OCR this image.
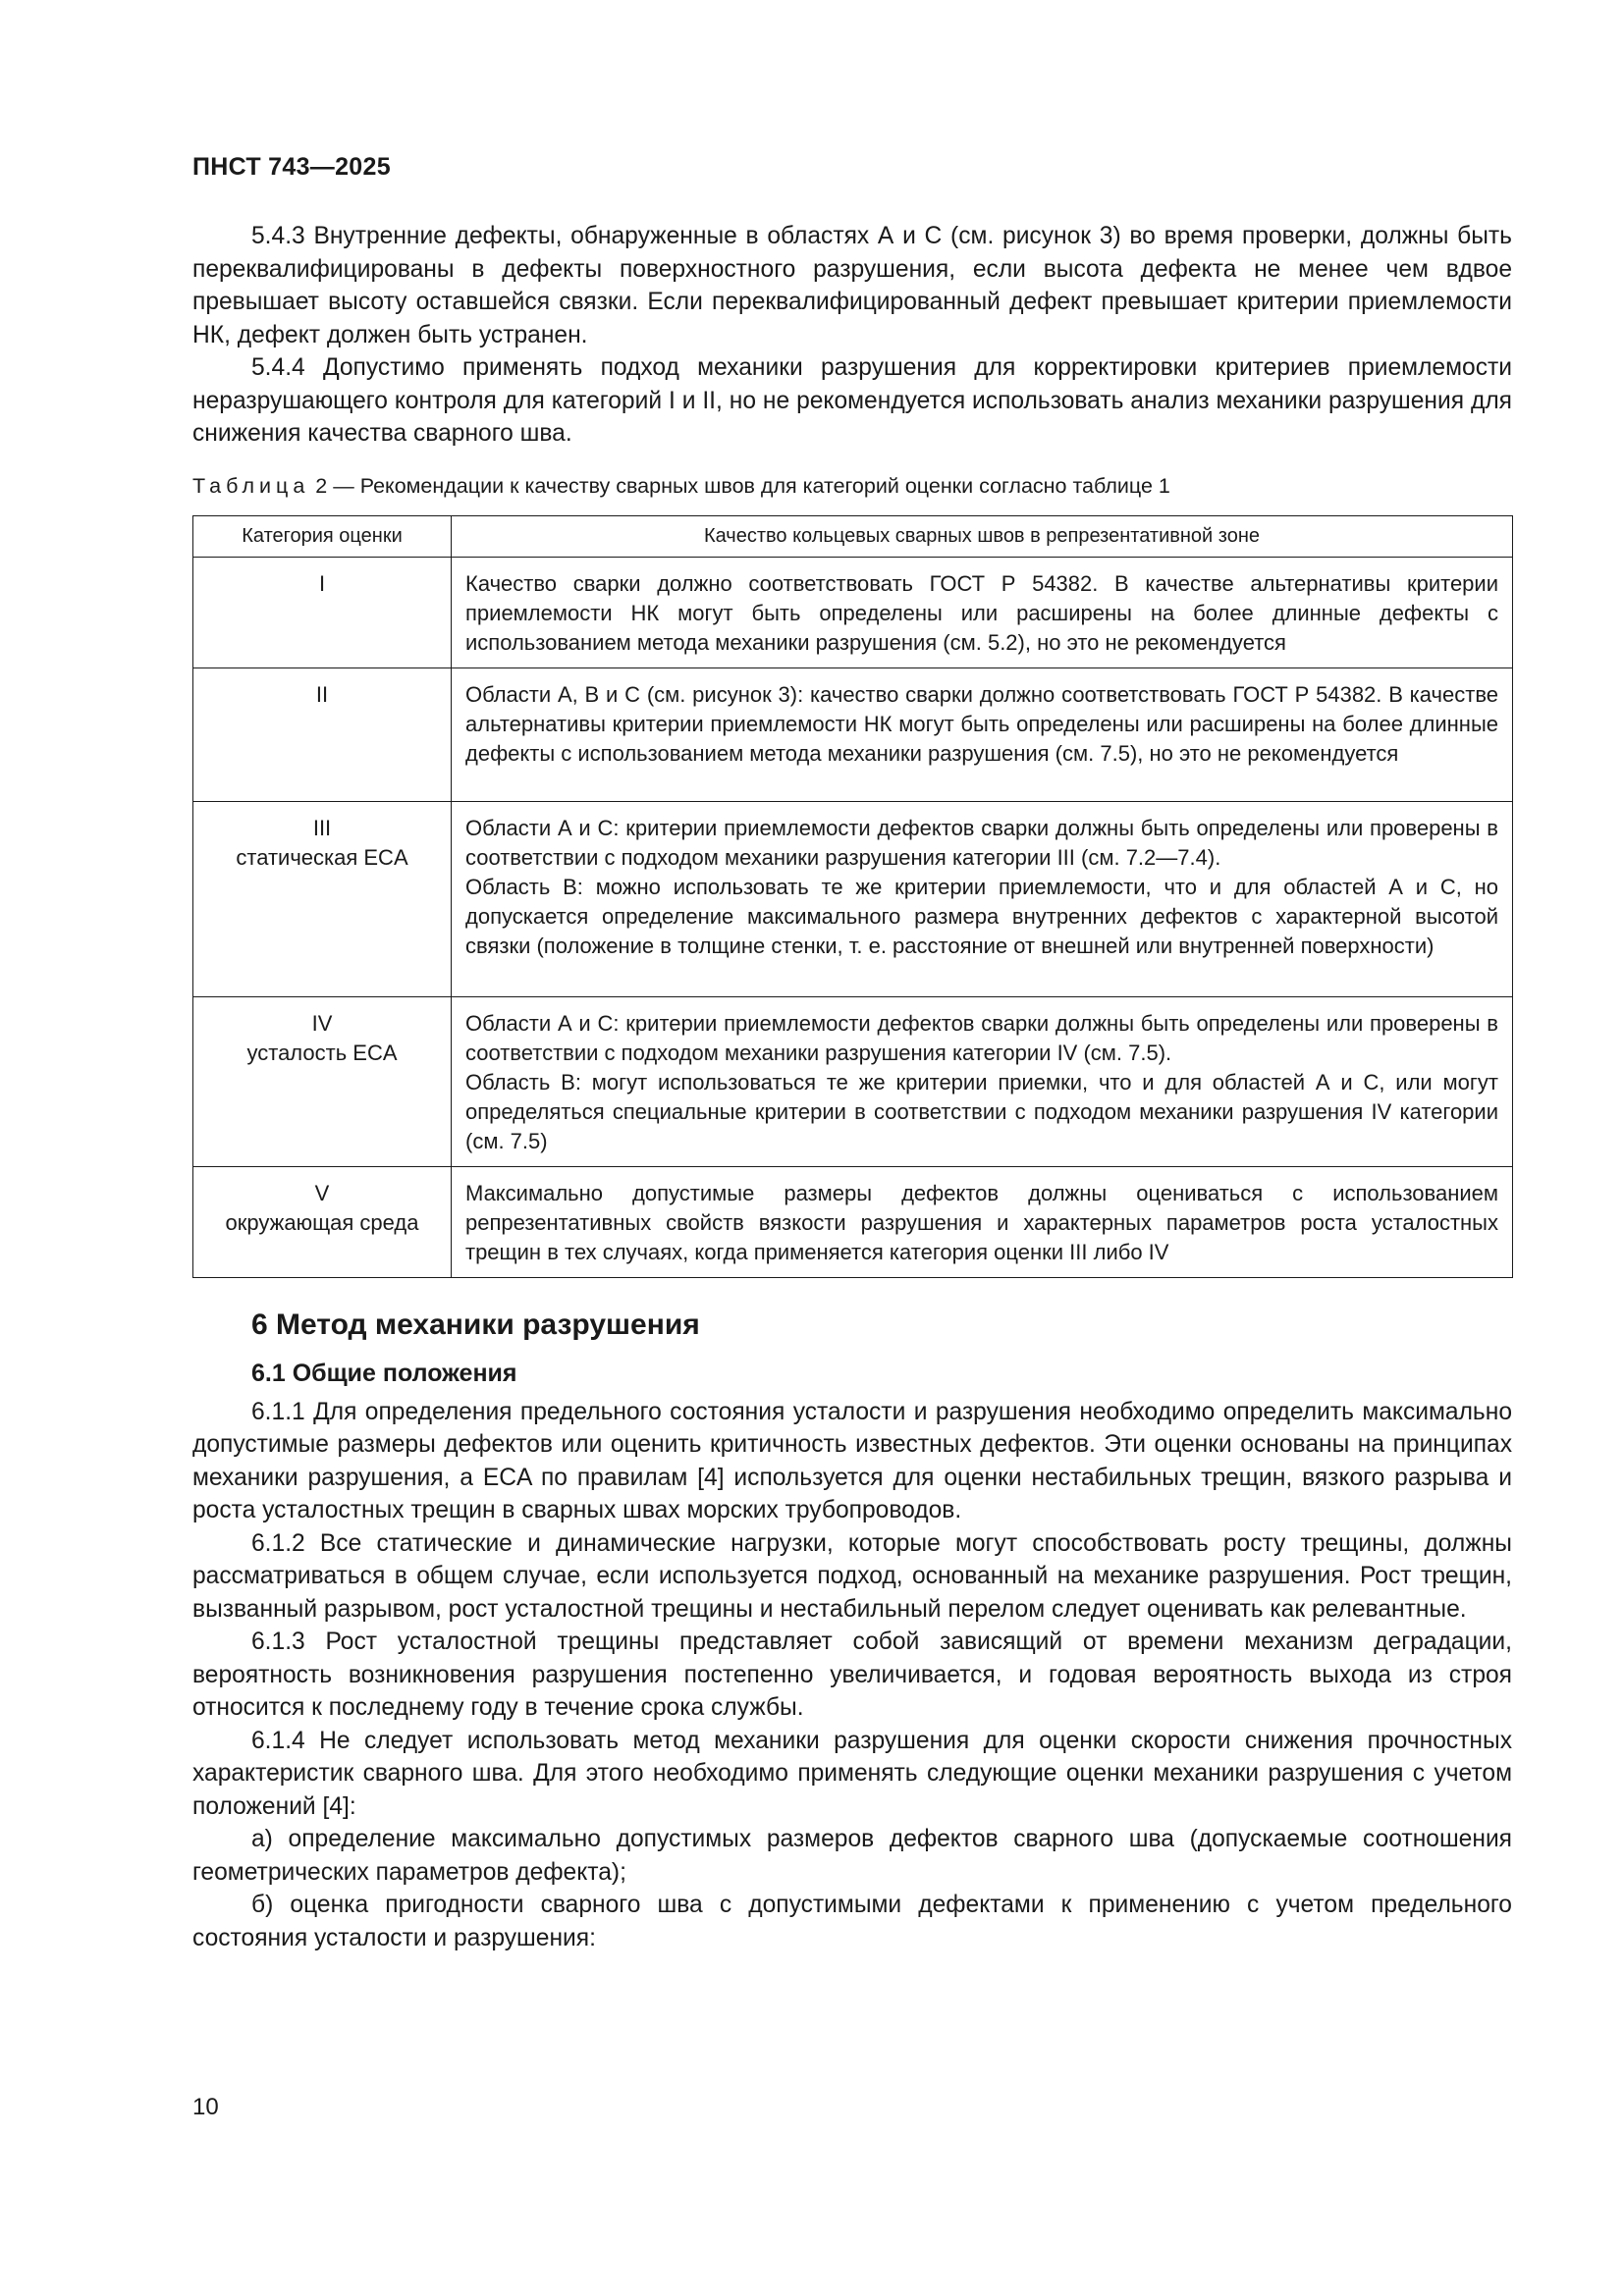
ПНСТ 743—2025

5.4.3 Внутренние дефекты, обнаруженные в областях А и С (см. рисунок 3) во время проверки, должны быть переквалифицированы в дефекты поверхностного разрушения, если высота дефекта не менее чем вдвое превышает высоту оставшейся связки. Если переквалифицированный дефект превышает критерии приемлемости НК, дефект должен быть устранен.

5.4.4 Допустимо применять подход механики разрушения для корректировки критериев приемлемости неразрушающего контроля для категорий I и II, но не рекомендуется использовать анализ механики разрушения для снижения качества сварного шва.

Таблица 2 — Рекомендации к качеству сварных швов для категорий оценки согласно таблице 1
Категория оценки	Качество кольцевых сварных швов в репрезентативной зоне

I	Качество сварки должно соответствовать ГОСТ Р 54382. В качестве альтернативы критерии приемлемости НК могут быть определены или расширены на более длинные дефекты с использованием метода механики разрушения (см. 5.2), но это не рекомендуется

II	Области А, В и С (см. рисунок 3): качество сварки должно соответствовать ГОСТ Р 54382. В качестве альтернативы критерии приемлемости НК могут быть определены или расширены на более длинные дефекты с использованием метода механики разрушения (см. 7.5), но это не рекомендуется

III
статическая ECA	Области А и С: критерии приемлемости дефектов сварки должны быть определены или проверены в соответствии с подходом механики разрушения категории III (см. 7.2—7.4).
Область В: можно использовать те же критерии приемлемости, что и для областей А и С, но допускается определение максимального размера внутренних дефектов с характерной высотой связки (положение в толщине стенки, т. е. расстояние от внешней или внутренней поверхности)

IV
усталость ECA	Области А и С: критерии приемлемости дефектов сварки должны быть определены или проверены в соответствии с подходом механики разрушения категории IV (см. 7.5).
Область В: могут использоваться те же критерии приемки, что и для областей А и С, или могут определяться специальные критерии в соответствии с подходом механики разрушения IV категории (см. 7.5)

V
окружающая среда	Максимально допустимые размеры дефектов должны оцениваться с использованием репрезентативных свойств вязкости разрушения и характерных параметров роста усталостных трещин в тех случаях, когда применяется категория оценки III либо IV
6 Метод механики разрушения
6.1 Общие положения

6.1.1 Для определения предельного состояния усталости и разрушения необходимо определить максимально допустимые размеры дефектов или оценить критичность известных дефектов. Эти оценки основаны на принципах механики разрушения, а ECA по правилам [4] используется для оценки нестабильных трещин, вязкого разрыва и роста усталостных трещин в сварных швах морских трубопроводов.

6.1.2 Все статические и динамические нагрузки, которые могут способствовать росту трещины, должны рассматриваться в общем случае, если используется подход, основанный на механике разрушения. Рост трещин, вызванный разрывом, рост усталостной трещины и нестабильный перелом следует оценивать как релевантные.

6.1.3 Рост усталостной трещины представляет собой зависящий от времени механизм деградации, вероятность возникновения разрушения постепенно увеличивается, и годовая вероятность выхода из строя относится к последнему году в течение срока службы.

6.1.4 Не следует использовать метод механики разрушения для оценки скорости снижения прочностных характеристик сварного шва. Для этого необходимо применять следующие оценки механики разрушения с учетом положений [4]:

а) определение максимально допустимых размеров дефектов сварного шва (допускаемые соотношения геометрических параметров дефекта);

б) оценка пригодности сварного шва с допустимыми дефектами к применению с учетом предельного состояния усталости и разрушения:

10
